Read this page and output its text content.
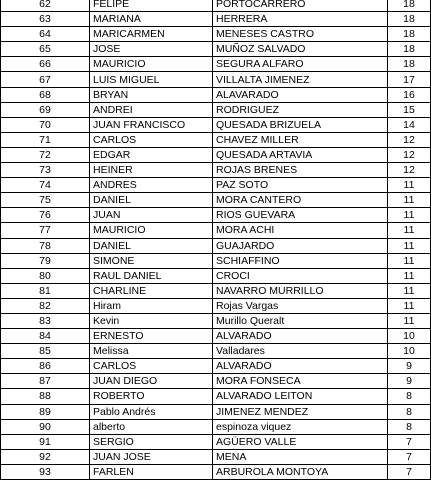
62	FELIPE	PORTOCARRERO	18
63	MARIANA	HERRERA	18
64	MARICARMEN	MENESES CASTRO	18
65	JOSE	MUÑOZ SALVADO	18
66	MAURICIO	SEGURA ALFARO	18
67	LUIS MIGUEL	VILLALTA JIMENEZ	17
68	BRYAN	ALAVARADO	16
69	ANDREI	RODRIGUEZ	15
70	JUAN FRANCISCO	QUESADA BRIZUELA	14
71	CARLOS	CHAVEZ MILLER	12
72	EDGAR	QUESADA ARTAVIA	12
73	HEINER	ROJAS BRENES	12
74	ANDRES	PAZ SOTO	11
75	DANIEL	MORA CANTERO	11
76	JUAN	RIOS GUEVARA	11
77	MAURICIO	MORA ACHI	11
78	DANIEL	GUAJARDO	11
79	SIMONE	SCHIAFFINO	11
80	RAUL DANIEL	CROCI	11
81	CHARLINE	NAVARRO MURRILLO	11
82	Hiram	Rojas Vargas	11
83	Kevin	Murillo Queralt	11
84	ERNESTO	ALVARADO	10
85	Melissa	Valladares	10
86	CARLOS	ALVARADO	9
87	JUAN DIEGO	MORA FONSECA	9
88	ROBERTO	ALVARADO LEITON	8
89	Pablo Andrés	JIMENEZ MENDEZ	8
90	alberto	espinoza viquez	8
91	SERGIO	AGÜERO VALLE	7
92	JUAN JOSE	MENA	7
93	FARLEN	ARBUROLA MONTOYA	7
